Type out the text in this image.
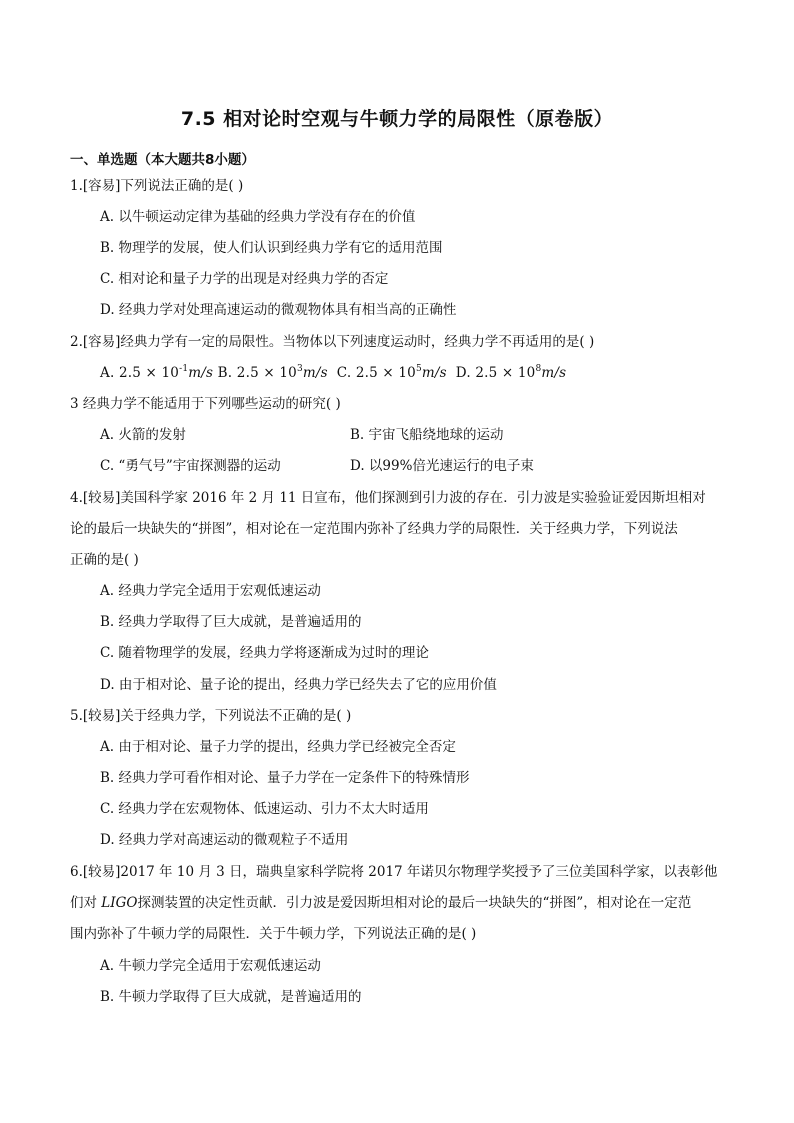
7.5 相对论时空观与牛顿力学的局限性（原卷版）
一、单选题（本大题共8小题）
1.[容易]下列说法正确的是( )
A. 以牛顿运动定律为基础的经典力学没有存在的价值
B. 物理学的发展，使人们认识到经典力学有它的适用范围
C. 相对论和量子力学的出现是对经典力学的否定
D. 经典力学对处理高速运动的微观物体具有相当高的正确性
2.[容易]经典力学有一定的局限性。当物体以下列速度运动时，经典力学不再适用的是( )
A. $2.5 \times 10^{-1}m/s$ B. $2.5 \times 10^3m/s$ C. $2.5 \times 10^5m/s$ D. $2.5 \times 10^8m/s$
3 经典力学不能适用于下列哪些运动的研究( )
A. 火箭的发射	B. 宇宙飞船绕地球的运动
C. “勇气号”宇宙探测器的运动	D. 以99%倍光速运行的电子束
4.[较易]美国科学家 2016 年 2 月 11 日宣布，他们探测到引力波的存在．引力波是实验验证爱因斯坦相对
论的最后一块缺失的“拼图”，相对论在一定范围内弥补了经典力学的局限性．关于经典力学，下列说法
正确的是( )
A. 经典力学完全适用于宏观低速运动
B. 经典力学取得了巨大成就，是普遍适用的
C. 随着物理学的发展，经典力学将逐渐成为过时的理论
D. 由于相对论、量子论的提出，经典力学已经失去了它的应用价值
5.[较易]关于经典力学，下列说法不正确的是( )
A. 由于相对论、量子力学的提出，经典力学已经被完全否定
B. 经典力学可看作相对论、量子力学在一定条件下的特殊情形
C. 经典力学在宏观物体、低速运动、引力不太大时适用
D. 经典力学对高速运动的微观粒子不适用
6.[较易]2017 年 10 月 3 日，瑞典皇家科学院将 2017 年诺贝尔物理学奖授予了三位美国科学家，以表彰他
们对 LIGO探测装置的决定性贡献．引力波是爱因斯坦相对论的最后一块缺失的“拼图”，相对论在一定范
围内弥补了牛顿力学的局限性．关于牛顿力学，下列说法正确的是( )
A. 牛顿力学完全适用于宏观低速运动
B. 牛顿力学取得了巨大成就，是普遍适用的
